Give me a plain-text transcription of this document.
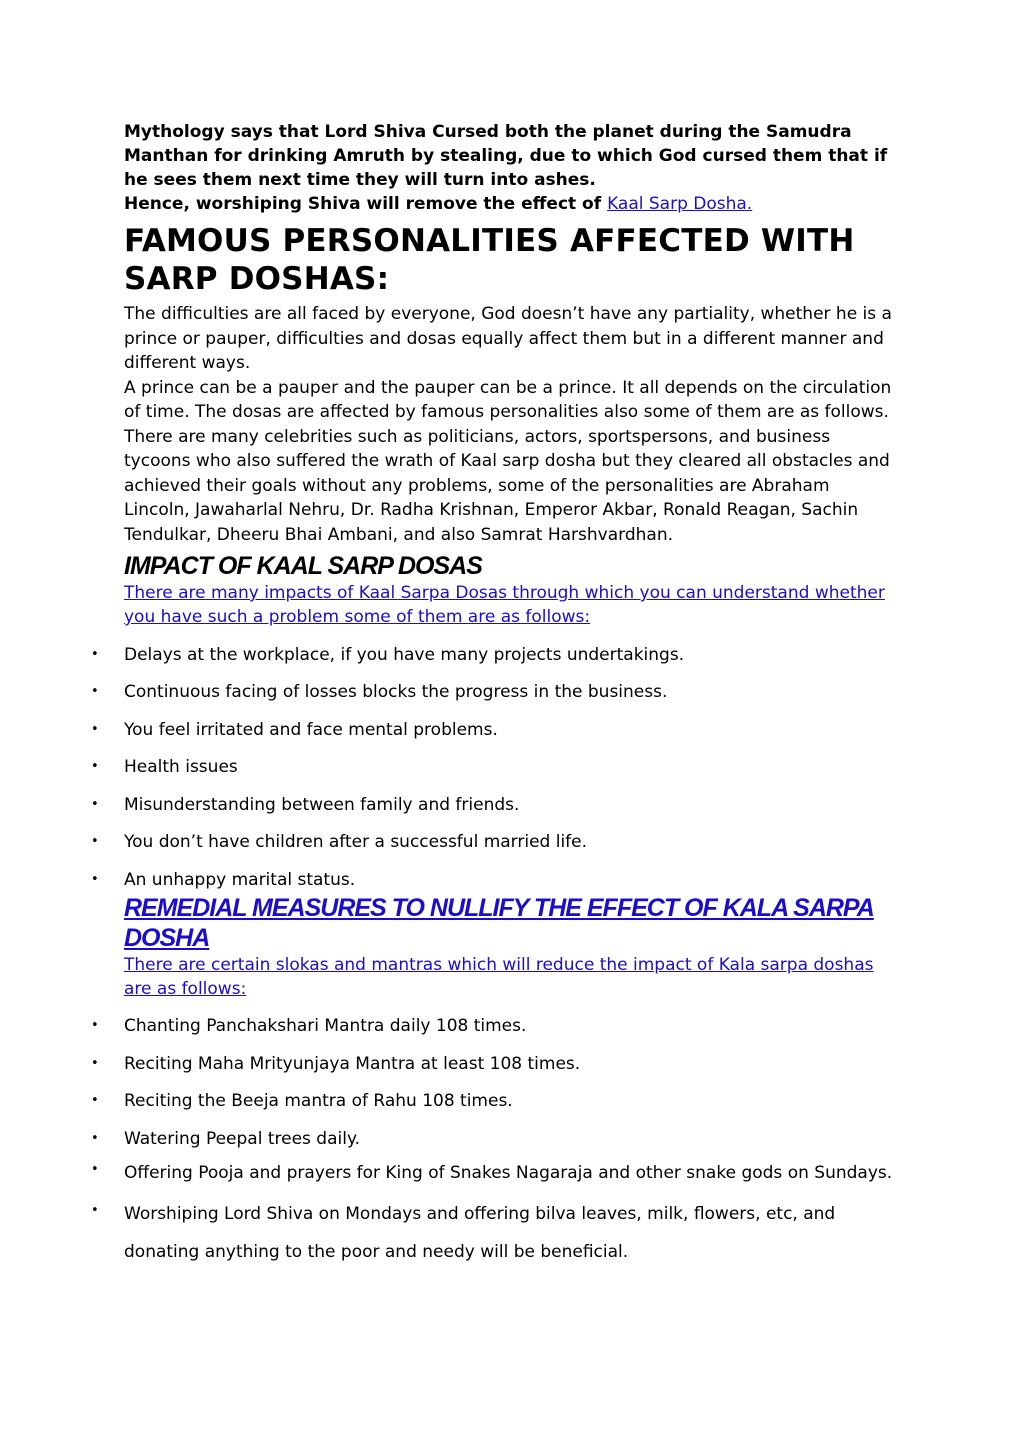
Mythology says that Lord Shiva Cursed both the planet during the Samudra Manthan for drinking Amruth by stealing, due to which God cursed them that if he sees them next time they will turn into ashes.

Hence, worshiping Shiva will remove the effect of Kaal Sarp Dosha.

FAMOUS PERSONALITIES AFFECTED WITH SARP DOSHAS:

The difficulties are all faced by everyone, God doesn’t have any partiality, whether he is a prince or pauper, difficulties and dosas equally affect them but in a different manner and different ways.

A prince can be a pauper and the pauper can be a prince. It all depends on the circulation of time. The dosas are affected by famous personalities also some of them are as follows.

There are many celebrities such as politicians, actors, sportspersons, and business tycoons who also suffered the wrath of Kaal sarp dosha but they cleared all obstacles and achieved their goals without any problems, some of the personalities are Abraham Lincoln, Jawaharlal Nehru, Dr. Radha Krishnan, Emperor Akbar, Ronald Reagan, Sachin Tendulkar, Dheeru Bhai Ambani, and also Samrat Harshvardhan.

IMPACT OF KAAL SARP DOSAS

There are many impacts of Kaal Sarpa Dosas through which you can understand whether you have such a problem some of them are as follows:

• Delays at the workplace, if you have many projects undertakings.
• Continuous facing of losses blocks the progress in the business.
• You feel irritated and face mental problems.
• Health issues
• Misunderstanding between family and friends.
• You don’t have children after a successful married life.
• An unhappy marital status.
REMEDIAL MEASURES TO NULLIFY THE EFFECT OF KALA SARPA DOSHA

There are certain slokas and mantras which will reduce the impact of Kala sarpa doshas are as follows:

• Chanting Panchakshari Mantra daily 108 times.
• Reciting Maha Mrityunjaya Mantra at least 108 times.
• Reciting the Beeja mantra of Rahu 108 times.
• Watering Peepal trees daily.
• Offering Pooja and prayers for King of Snakes Nagaraja and other snake gods on Sundays.
• Worshiping Lord Shiva on Mondays and offering bilva leaves, milk, flowers, etc, and donating anything to the poor and needy will be beneficial.
